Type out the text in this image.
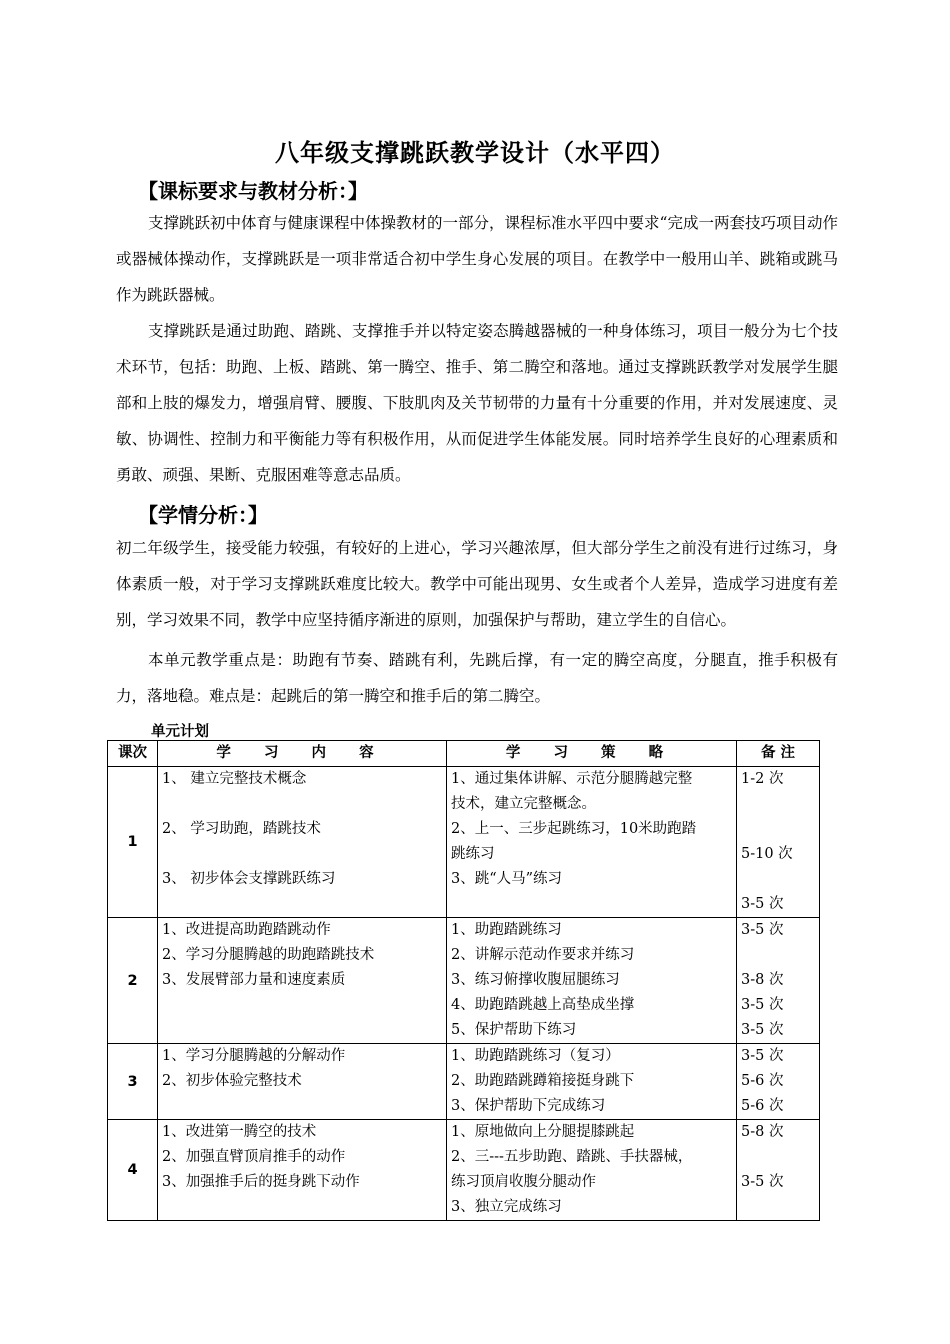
八年级支撑跳跃教学设计（水平四）
【课标要求与教材分析：】

支撑跳跃初中体育与健康课程中体操教材的一部分，课程标准水平四中要求“完成一两套技巧项目动作或器械体操动作，支撑跳跃是一项非常适合初中学生身心发展的项目。在教学中一般用山羊、跳箱或跳马作为跳跃器械。

支撑跳跃是通过助跑、踏跳、支撑推手并以特定姿态腾越器械的一种身体练习，项目一般分为七个技术环节，包括：助跑、上板、踏跳、第一腾空、推手、第二腾空和落地。通过支撑跳跃教学对发展学生腿部和上肢的爆发力，增强肩臂、腰腹、下肢肌肉及关节韧带的力量有十分重要的作用，并对发展速度、灵敏、协调性、控制力和平衡能力等有积极作用，从而促进学生体能发展。同时培养学生良好的心理素质和勇敢、顽强、果断、克服困难等意志品质。

【学情分析：】

初二年级学生，接受能力较强，有较好的上进心，学习兴趣浓厚，但大部分学生之前没有进行过练习，身体素质一般，对于学习支撑跳跃难度比较大。教学中可能出现男、女生或者个人差异，造成学习进度有差别，学习效果不同，教学中应坚持循序渐进的原则，加强保护与帮助，建立学生的自信心。

本单元教学重点是：助跑有节奏、踏跳有利，先跳后撑，有一定的腾空高度，分腿直，推手积极有力，落地稳。难点是：起跳后的第一腾空和推手后的第二腾空。

单元计划
课次	学 习 内 容	学 习 策 略	备 注
1	1、 建立完整技术概念
2、 学习助跑，踏跳技术
3、 初步体会支撑跳跃练习	1、通过集体讲解、示范分腿腾越完整
技术，建立完整概念。
2、上一、三步起跳练习，10米助跑踏
跳练习
3、跳“人马”练习	1-2 次
5-10 次
3-5 次

2	1、改进提高助跑踏跳动作
2、学习分腿腾越的助跑踏跳技术
3、发展臂部力量和速度素质	1、助跑踏跳练习
2、讲解示范动作要求并练习
3、练习俯撑收腹屈腿练习
4、助跑踏跳越上高垫成坐撑
5、保护帮助下练习	3-5 次
3-8 次
3-5 次
3-5 次

3	1、学习分腿腾越的分解动作
2、初步体验完整技术	1、助跑踏跳练习（复习）
2、助跑踏跳蹲箱接挺身跳下
3、保护帮助下完成练习	3-5 次
5-6 次
5-6 次

4	1、改进第一腾空的技术
2、加强直臂顶肩推手的动作
3、加强推手后的挺身跳下动作	1、原地做向上分腿提膝跳起
2、三---五步助跑、踏跳、手扶器械，
练习顶肩收腹分腿动作
3、独立完成练习	5-8 次
3-5 次
